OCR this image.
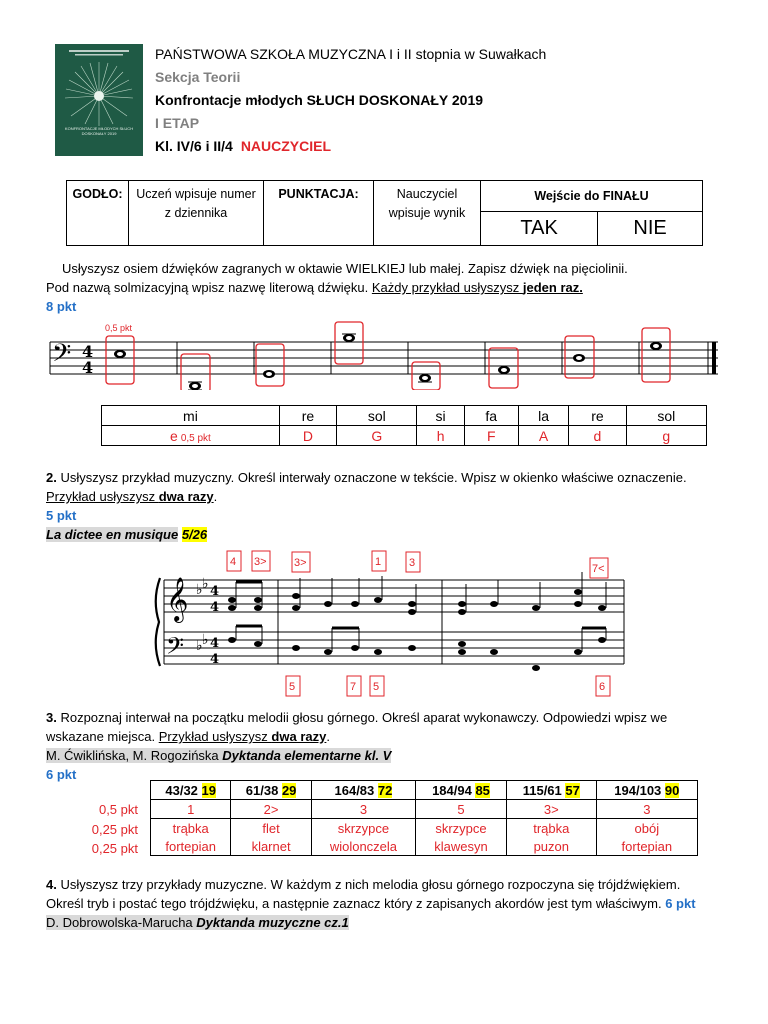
KONFRONTACJE MŁODYCH SŁUCH DOSKONAŁY 2019
PAŃSTWOWA SZKOŁA MUZYCZNA I i II stopnia w Suwałkach
Sekcja Teorii
Konfrontacje młodych SŁUCH DOSKONAŁY 2019
I ETAP
Kl. IV/6 i II/4 NAUCZYCIEL
GODŁO:	Uczeń wpisuje numer z dziennika	PUNKTACJA:	Nauczyciel wpisuje wynik	Wejście do FINAŁU	
				TAK	NIE
Usłyszysz osiem dźwięków zagranych w oktawie WIELKIEJ lub małej. Zapisz dźwięk na pięciolinii.
Pod nazwą solmizacyjną wpisz nazwę literową dźwięku. Każdy przykład usłyszysz jeden raz.
8 pkt
𝄢 4
4
0,5 pkt
mi	re	sol	si	fa	la	re	sol
e 0,5 pkt	D	G	h	F	A	d	g
2. Usłyszysz przykład muzyczny. Określ interwały oznaczone w tekście. Wpisz w okienko właściwe oznaczenie. Przykład usłyszysz dwa razy.
5 pkt
La dictee en musique 5/26
𝄞
𝄢
♭ ♭
♭ ♭
4
4
4
4
4 3> 3>	1	3	7<
5	7 5	6
3. Rozpoznaj interwał na początku melodii głosu górnego. Określ aparat wykonawczy. Odpowiedzi wpisz we wskazane miejsca. Przykład usłyszysz dwa razy.
M. Ćwiklińska, M. Rogozińska Dyktanda elementarne kl. V
6 pkt
0,5 pkt
0,25 pkt
0,25 pkt
43/32 19	61/38 29	164/83 72	184/94 85	115/61 57	194/103 90
1	2>	3	5	3>	3
trąbka	flet	skrzypce	skrzypce	trąbka	obój
fortepian	klarnet	wiolonczela	klawesyn	puzon	fortepian
4. Usłyszysz trzy przykłady muzyczne. W każdym z nich melodia głosu górnego rozpoczyna się trójdźwiękiem. Określ tryb i postać tego trójdźwięku, a następnie zaznacz który z zapisanych akordów jest tym właściwym. 6 pkt
D. Dobrowolska-Marucha Dyktanda muzyczne cz.1
